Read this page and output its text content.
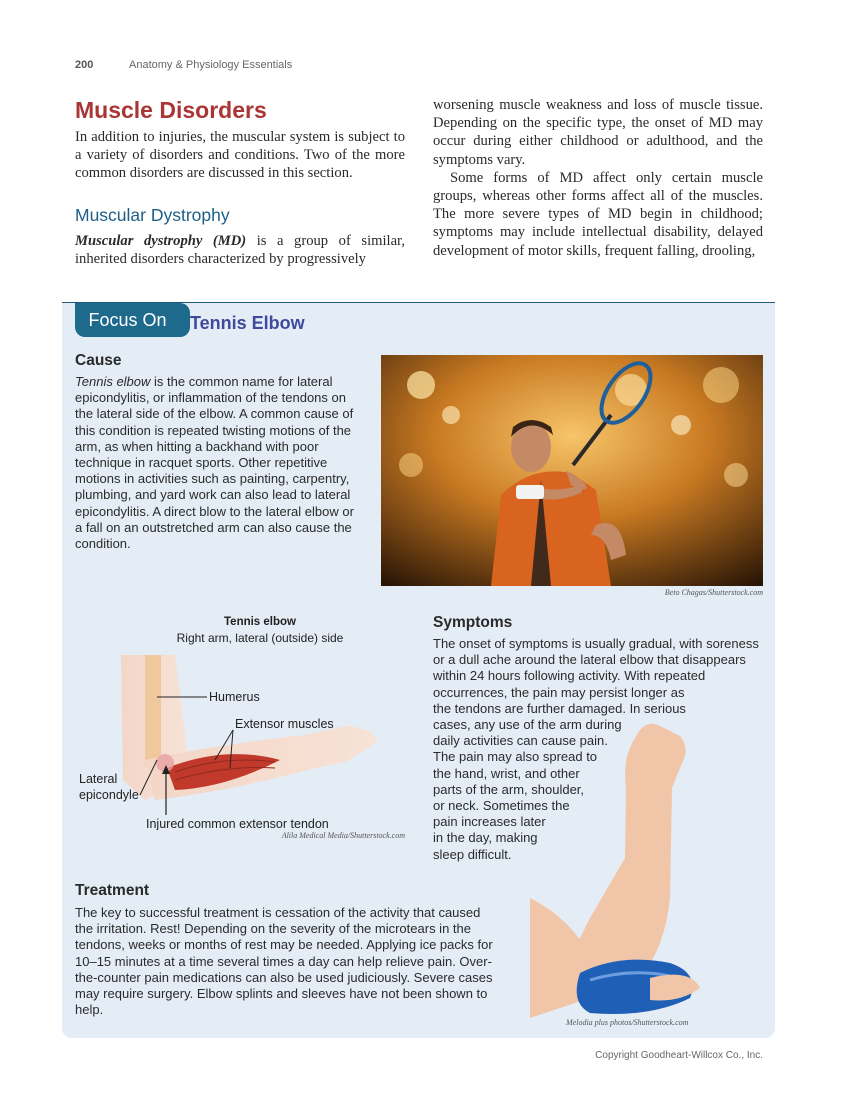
200	Anatomy & Physiology Essentials
Muscle Disorders
In addition to injuries, the muscular system is subject to a variety of disorders and conditions. Two of the more common disorders are discussed in this section.
Muscular Dystrophy
Muscular dystrophy (MD) is a group of similar, inherited disorders characterized by progressively

worsening muscle weakness and loss of muscle tissue. Depending on the specific type, the onset of MD may occur during either childhood or adulthood, and the symptoms vary.

Some forms of MD affect only certain muscle groups, whereas other forms affect all of the muscles. The more severe types of MD begin in childhood; symptoms may include intellectual disability, delayed development of motor skills, frequent falling, drooling,

Focus On	Tennis Elbow
Cause
Tennis elbow is the common name for lateral epicondylitis, or inflammation of the tendons on the lateral side of the elbow. A common cause of this condition is repeated twisting motions of the arm, as when hitting a backhand with poor technique in racquet sports. Other repetitive motions in activities such as painting, carpentry, plumbing, and yard work can also lead to lateral epicondylitis. A direct blow to the lateral elbow or a fall on an outstretched arm can also cause the condition.
Beto Chagas/Shutterstock.com
Tennis elbow
Right arm, lateral (outside) side
Humerus
Extensor muscles
Lateral
epicondyle
Injured common extensor tendon
Alila Medical Media/Shutterstock.com
Symptoms
The onset of symptoms is usually gradual, with soreness
or a dull ache around the lateral elbow that disappears
within 24 hours following activity. With repeated
occurrences, the pain may persist longer as
the tendons are further damaged. In serious
cases, any use of the arm during
daily activities can cause pain.
The pain may also spread to
the hand, wrist, and other
parts of the arm, shoulder,
or neck. Sometimes the
pain increases later
in the day, making
sleep difficult.
Treatment
The key to successful treatment is cessation of the activity that caused the irritation. Rest! Depending on the severity of the microtears in the tendons, weeks or months of rest may be needed. Applying ice packs for 10–15 minutes at a time several times a day can help relieve pain. Over-the-counter pain medications can also be used judiciously. Severe cases may require surgery. Elbow splints and sleeves have not been shown to help.
Melodia plus photos/Shutterstock.com
Copyright Goodheart-Willcox Co., Inc.
